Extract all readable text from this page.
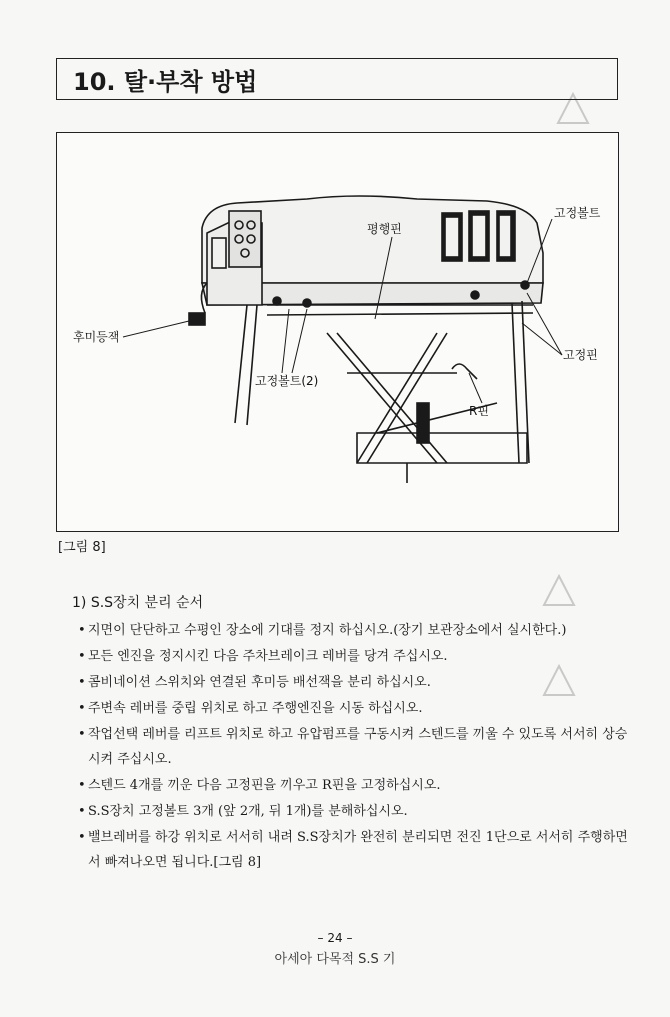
10. 탈·부착 방법
고정볼트
평행핀
후미등잭
고정핀
고정볼트(2)
R핀
[그림 8]
1) S.S장치 분리 순서
• 지면이 단단하고 수평인 장소에 기대를 정지 하십시오.(장기 보관장소에서 실시한다.)
• 모든 엔진을 정지시킨 다음 주차브레이크 레버를 당겨 주십시오.
• 콤비네이션 스위치와 연결된 후미등 배선잭을 분리 하십시오.
• 주변속 레버를 중립 위치로 하고 주행엔진을 시동 하십시오.
• 작업선택 레버를 리프트 위치로 하고 유압펌프를 구동시켜 스텐드를 끼울 수 있도록 서서히 상승시켜 주십시오.
• 스텐드 4개를 끼운 다음 고정핀을 끼우고 R핀을 고정하십시오.
• S.S장치 고정볼트 3개 (앞 2개, 뒤 1개)를 분해하십시오.
• 밸브레버를 하강 위치로 서서히 내려 S.S장치가 완전히 분리되면 전진 1단으로 서서히 주행하면서 빠져나오면 됩니다.[그림 8]
– 24 –
아세아 다목적 S.S 기
